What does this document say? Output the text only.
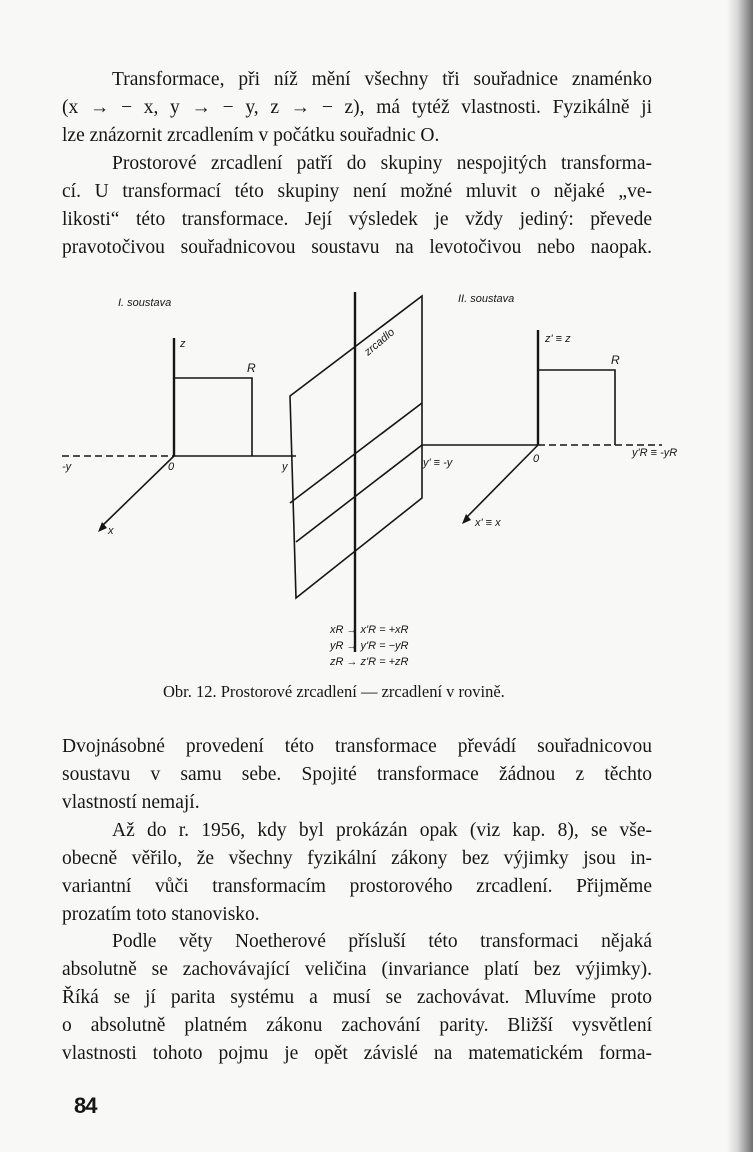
Transformace, při níž mění všechny tři souřadnice znaménko
(x → − x, y → − y, z → − z), má tytéž vlastnosti. Fyzikálně ji
lze znázornit zrcadlením v počátku souřadnic O.

Prostorové zrcadlení patří do skupiny nespojitých transforma-
cí. U transformací této skupiny není možné mluvit o nějaké „ve-
likosti“ této transformace. Její výsledek je vždy jediný: převede
pravotočivou souřadnicovou soustavu na levotočivou nebo naopak.

I. soustava
z
-y	0	y
R
x
zrcadlo
II. soustava
z' ≡ z
R
y' ≡ -y	0	y'R ≡ -yR
x' ≡ x
xR → x'R = +xR
yR → y'R = −yR
zR → z'R = +zR

Obr. 12. Prostorové zrcadlení — zrcadlení v rovině.

Dvojnásobné provedení této transformace převádí souřadnicovou
soustavu v samu sebe. Spojité transformace žádnou z těchto
vlastností nemají.

Až do r. 1956, kdy byl prokázán opak (viz kap. 8), se vše-
obecně věřilo, že všechny fyzikální zákony bez výjimky jsou in-
variantní vůči transformacím prostorového zrcadlení. Přijměme
prozatím toto stanovisko.

Podle věty Noetherové přísluší této transformaci nějaká
absolutně se zachovávající veličina (invariance platí bez výjimky).
Říká se jí parita systému a musí se zachovávat. Mluvíme proto
o absolutně platném zákonu zachování parity. Bližší vysvětlení
vlastnosti tohoto pojmu je opět závislé na matematickém forma-

84
